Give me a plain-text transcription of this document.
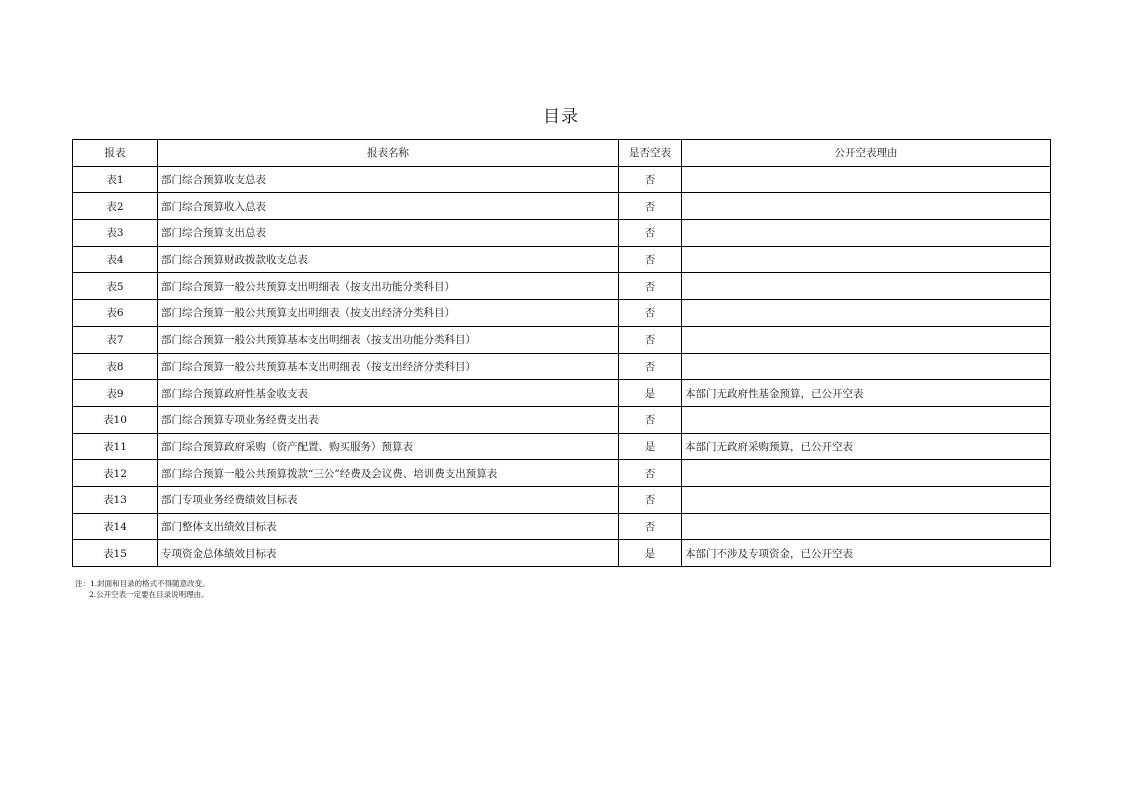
目录
报表	报表名称	是否空表	公开空表理由
表1	部门综合预算收支总表	否	
表2	部门综合预算收入总表	否	
表3	部门综合预算支出总表	否	
表4	部门综合预算财政拨款收支总表	否	
表5	部门综合预算一般公共预算支出明细表（按支出功能分类科目）	否	
表6	部门综合预算一般公共预算支出明细表（按支出经济分类科目）	否	
表7	部门综合预算一般公共预算基本支出明细表（按支出功能分类科目）	否	
表8	部门综合预算一般公共预算基本支出明细表（按支出经济分类科目）	否	
表9	部门综合预算政府性基金收支表	是	本部门无政府性基金预算，已公开空表
表10	部门综合预算专项业务经费支出表	否	
表11	部门综合预算政府采购（资产配置、购买服务）预算表	是	本部门无政府采购预算，已公开空表
表12	部门综合预算一般公共预算拨款“三公”经费及会议费、培训费支出预算表	否	
表13	部门专项业务经费绩效目标表	否	
表14	部门整体支出绩效目标表	否	
表15	专项资金总体绩效目标表	是	本部门不涉及专项资金，已公开空表
注：1.封面和目录的格式不得随意改变。
2.公开空表一定要在目录说明理由。
